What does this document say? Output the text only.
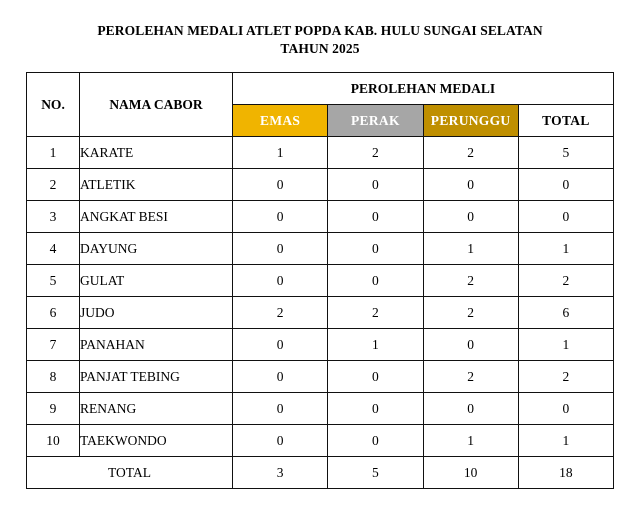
PEROLEHAN MEDALI ATLET POPDA KAB. HULU SUNGAI SELATAN
TAHUN 2025
NO.	NAMA CABOR	PEROLEHAN MEDALI			
		EMAS	PERAK	PERUNGGU	TOTAL
1	KARATE	1	2	2	5
2	ATLETIK	0	0	0	0
3	ANGKAT BESI	0	0	0	0
4	DAYUNG	0	0	1	1
5	GULAT	0	0	2	2
6	JUDO	2	2	2	6
7	PANAHAN	0	1	0	1
8	PANJAT TEBING	0	0	2	2
9	RENANG	0	0	0	0
10	TAEKWONDO	0	0	1	1
TOTAL		3	5	10	18
